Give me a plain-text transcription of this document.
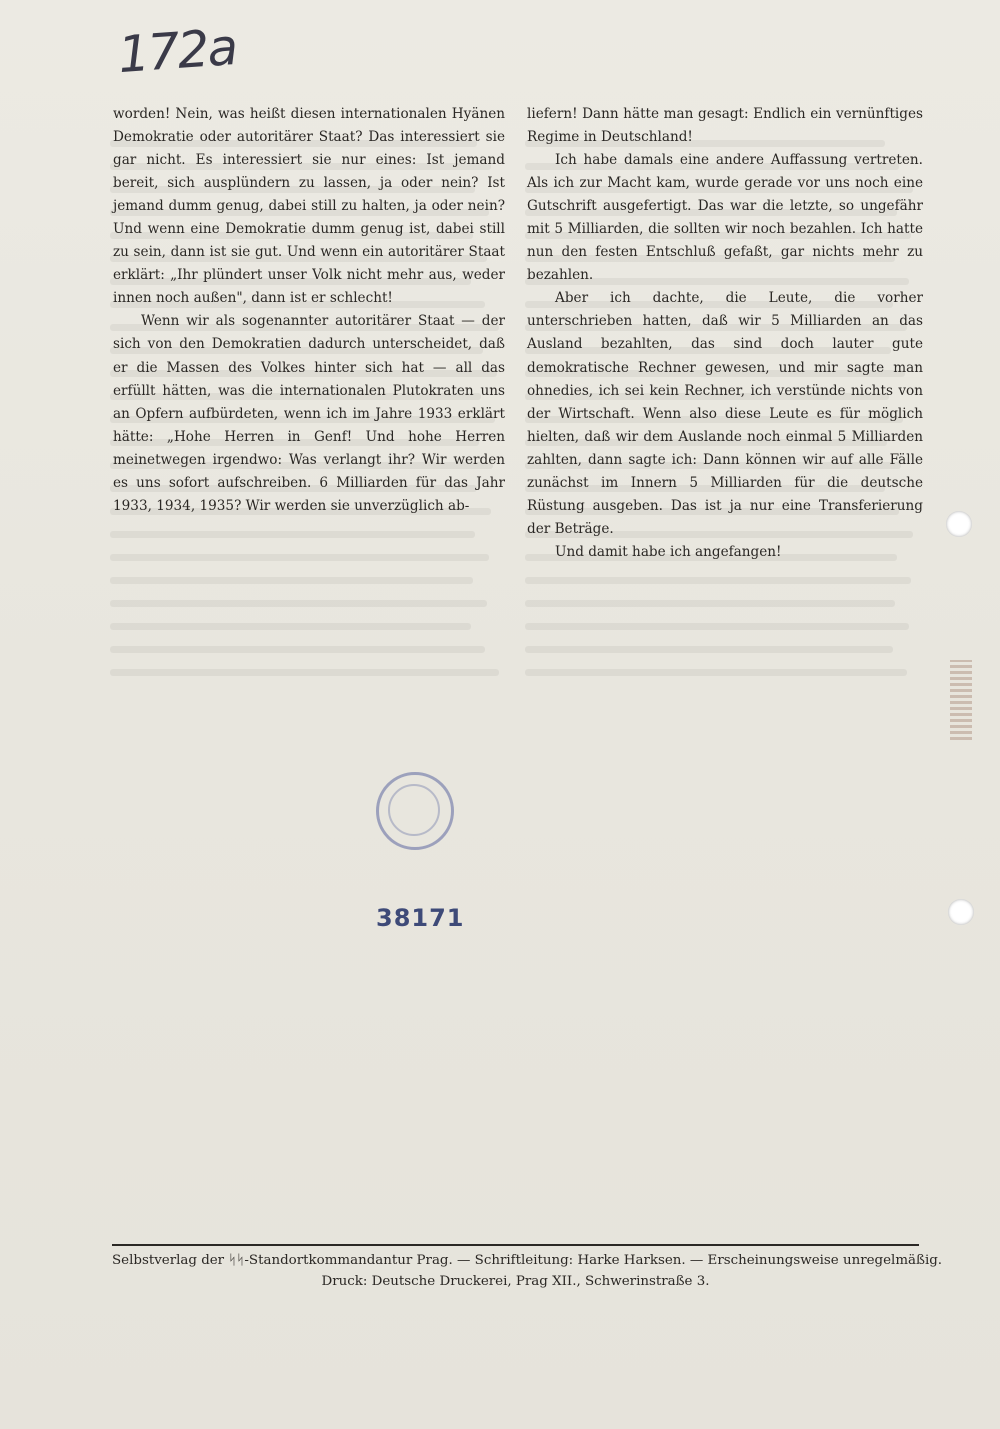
172a

worden! Nein, was heißt diesen internationalen Hyänen Demokratie oder autoritärer Staat? Das interessiert sie gar nicht. Es interessiert sie nur eines: Ist jemand bereit, sich ausplündern zu lassen, ja oder nein? Ist jemand dumm genug, dabei still zu halten, ja oder nein? Und wenn eine Demokratie dumm genug ist, dabei still zu sein, dann ist sie gut. Und wenn ein autoritärer Staat erklärt: „Ihr plündert unser Volk nicht mehr aus, weder innen noch außen", dann ist er schlecht!

Wenn wir als sogenannter autoritärer Staat — der sich von den Demokratien dadurch unterscheidet, daß er die Massen des Volkes hinter sich hat — all das erfüllt hätten, was die internationalen Plutokraten uns an Opfern aufbürdeten, wenn ich im Jahre 1933 erklärt hätte: „Hohe Herren in Genf! Und hohe Herren meinetwegen irgendwo: Was verlangt ihr? Wir werden es uns sofort aufschreiben. 6 Milliarden für das Jahr 1933, 1934, 1935? Wir werden sie unverzüglich ab-

liefern! Dann hätte man gesagt: Endlich ein vernünftiges Regime in Deutschland!

Ich habe damals eine andere Auffassung vertreten. Als ich zur Macht kam, wurde gerade vor uns noch eine Gutschrift ausgefertigt. Das war die letzte, so ungefähr mit 5 Milliarden, die sollten wir noch bezahlen. Ich hatte nun den festen Entschluß gefaßt, gar nichts mehr zu bezahlen.

Aber ich dachte, die Leute, die vorher unterschrieben hatten, daß wir 5 Milliarden an das Ausland bezahlten, das sind doch lauter gute demokratische Rechner gewesen, und mir sagte man ohnedies, ich sei kein Rechner, ich verstünde nichts von der Wirtschaft. Wenn also diese Leute es für möglich hielten, daß wir dem Auslande noch einmal 5 Milliarden zahlten, dann sagte ich: Dann können wir auf alle Fälle zunächst im Innern 5 Milliarden für die deutsche Rüstung ausgeben. Das ist ja nur eine Transferierung der Beträge.

Und damit habe ich angefangen!

38171
Selbstverlag der ᛋᛋ-Standortkommandantur Prag. — Schriftleitung: Harke Harksen. — Erscheinungsweise unregelmäßig.
Druck: Deutsche Druckerei, Prag XII., Schwerinstraße 3.
